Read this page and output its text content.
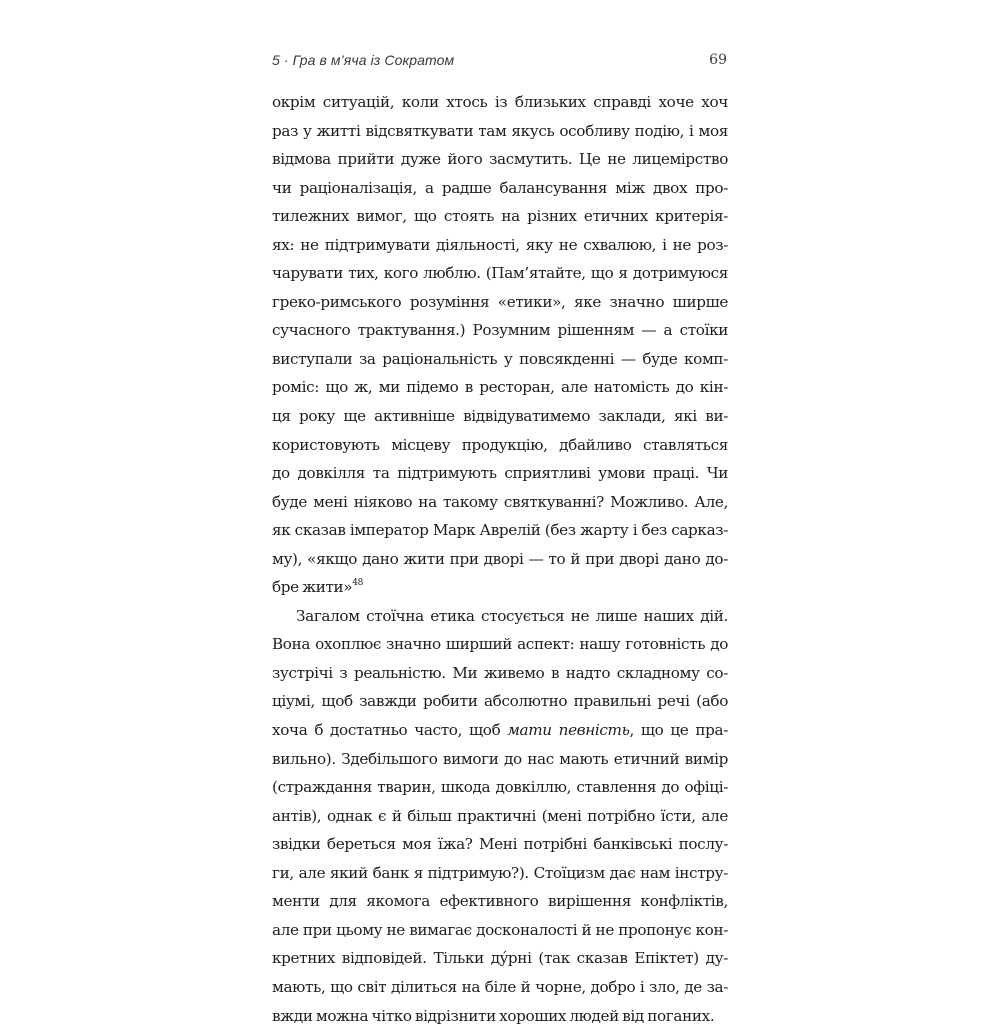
5 · Гра в м’яча із Сократом	69
окрім ситуацій, коли хтось із близьких справді хоче хоч
раз у житті відсвяткувати там якусь особливу подію, і моя
відмова прийти дуже його засмутить. Це не лицемірство
чи раціоналізація, а радше балансування між двох про-
тилежних вимог, що стоять на різних етичних критерія-
ях: не підтримувати діяльності, яку не схвалюю, і не роз-
чарувати тих, кого люблю. (Пам’ятайте, що я дотримуюся
греко-римського розуміння «етики», яке значно ширше
сучасного трактування.) Розумним рішенням — а стоїки
виступали за раціональність у повсякденні — буде комп-
роміс: що ж, ми підемо в ресторан, але натомість до кін-
ця року ще активніше відвідуватимемо заклади, які ви-
користовують місцеву продукцію, дбайливо ставляться
до довкілля та підтримують сприятливі умови праці. Чи
буде мені ніяково на такому святкуванні? Можливо. Але,
як сказав імператор Марк Аврелій (без жарту і без сарказ-
му), «якщо дано жити при дворі — то й при дворі дано до-
бре жити»$^{48}$
Загалом стоїчна етика стосується не лише наших дій.
Вона охоплює значно ширший аспект: нашу готовність до
зустрічі з реальністю. Ми живемо в надто складному со-
ціумі, щоб завжди робити абсолютно правильні речі (або
хоча б достатньо часто, щоб мати певність, що це пра-
вильно). Здебільшого вимоги до нас мають етичний вимір
(страждання тварин, шкода довкіллю, ставлення до офіці-
антів), однак є й більш практичні (мені потрібно їсти, але
звідки береться моя їжа? Мені потрібні банківські послу-
ги, але який банк я підтримую?). Стоїцизм дає нам інстру-
менти для якомога ефективного вирішення конфліктів,
але при цьому не вимагає досконалості й не пропонує кон-
кретних відповідей. Тільки дýрні (так сказав Епіктет) ду-
мають, що світ ділиться на біле й чорне, добро і зло, де за-
вжди можна чітко відрізнити хороших людей від поганих.
